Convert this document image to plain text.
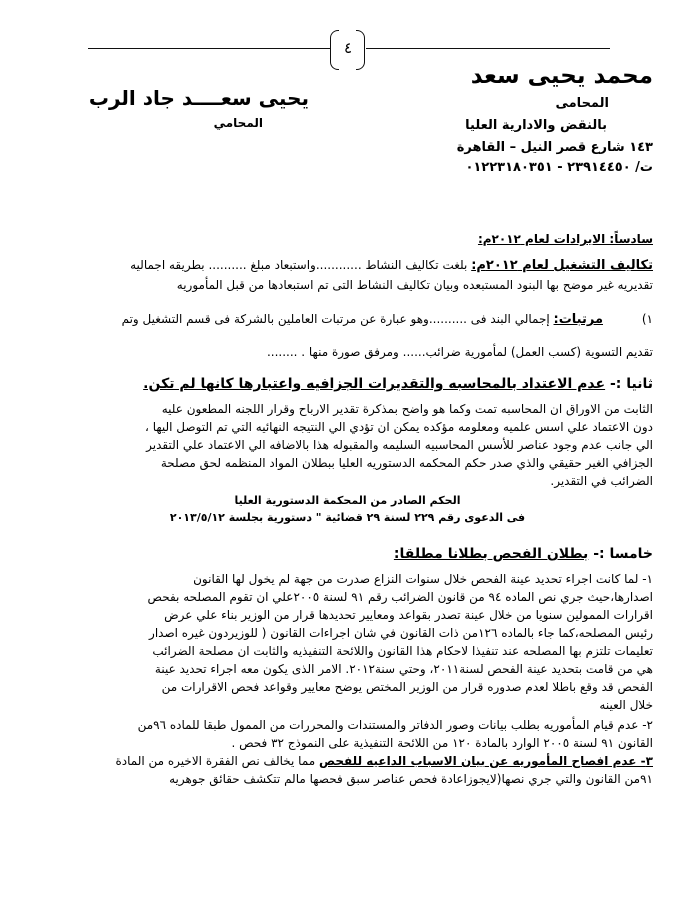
٤
يحيى سعــــد جاد الرب
المحامي
محمد يحيى سعد
المحامى
بالنقض والادارية العليا
١٤٣ شارع قصر النيل – القاهرة
ت/ ٢٣٩١٤٤٥٠ - ٠١٢٢٣١٨٠٣٥١
سادساً: الايرادات لعام ٢٠١٢م:
تكاليف التشغيل لعام ٢٠١٢م: بلغت تكاليف النشاط ............واستبعاد مبلغ .......... بطريقه اجماليه
تقديريه غير موضح بها البنود المستبعده وبيان تكاليف النشاط التى تم استبعادها من قبل المأموريه
١)
مرتبات: إجمالي البند فى ..........وهو عبارة عن مرتبات العاملين بالشركة فى قسم التشغيل وتم
تقديم التسوية (كسب العمل) لمأمورية ضرائب...... ومرفق صورة منها . ........
ثانيا :- عدم الاعتداد بالمحاسبه والتقديرات الجزافيه واعتبارها كانها لم تكن.
الثابت من الاوراق ان المحاسبه تمت وكما هو واضح بمذكرة تقدير الارباح وقرار اللجنه المطعون عليه
دون الاعتماد علي اسس علميه ومعلومه مؤكده يمكن ان تؤدي الي النتيجه النهائيه التي تم التوصل اليها ،
الي جانب عدم وجود عناصر للأسس المحاسبيه السليمه والمقبوله هذا بالاضافه الي الاعتماد علي التقدير
الجزافي الغير حقيقي والذي صدر حكم المحكمه الدستوريه العليا ببطلان المواد المنظمه لحق مصلحة
الضرائب في التقدير.
الحكم الصادر من المحكمة الدستورية العليا
فى الدعوى رقم ٢٢٩ لسنة ٢٩ قضائية " دستورية بجلسة ٢٠١٣/٥/١٢
خامسا :- بطلان الفحص بطلانا مطلقا:
١- لما كانت اجراء تحديد عينة الفحص خلال سنوات النزاع صدرت من جهة لم يخول لها القانون
اصدارها،حيث جري نص الماده ٩٤ من قانون الضرائب رقم ٩١ لسنة ٢٠٠٥علي ان تقوم المصلحه بفحص
اقرارات الممولين سنويا من خلال عينة تصدر بقواعد ومعايير تحديدها قرار من الوزير بناء علي عرض
رئيس المصلحه،كما جاء بالماده ١٢٦من ذات القانون في شان اجراءات القانون ( للوزيردون غيره اصدار
تعليمات تلتزم بها المصلحه عند تنفيذا لاحكام هذا القانون واللائحة التنفيذيه والثابت ان مصلحة الضرائب
هي من قامت بتحديد عينة الفحص لسنة٢٠١١، وحتي سنة٢٠١٢. الامر الذى يكون معه اجراء تحديد عينة
الفحص قد وقع باطلا لعدم صدوره قرار من الوزير المختص يوضح معايير وقواعد فحص الاقرارات من
خلال العينه
٢- عدم قيام المأموريه بطلب بيانات وصور الدفاتر والمستندات والمحررات من الممول طبقا للماده ٩٦من
القانون ٩١ لسنة ٢٠٠٥ الوارد بالمادة ١٢٠ من اللائحة التنفيذية على النموذج ٣٢ فحص .
٣- عدم افصاح المأموريه عن بيان الاسباب الداعيه للفحص مما يخالف نص الفقرة الاخيره من المادة
٩١من القانون والتي جري نصها(لايجوزاعادة فحص عناصر سبق فحصها مالم تتكشف حقائق جوهريه
